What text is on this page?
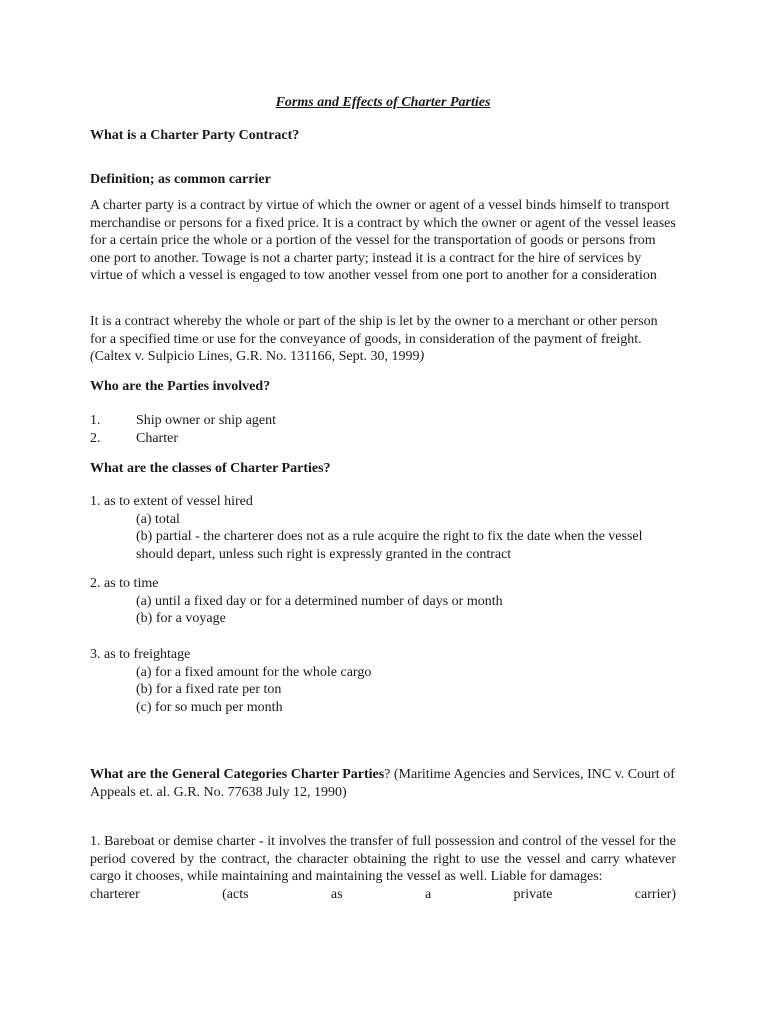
Forms and Effects of Charter Parties

What is a Charter Party Contract?

Definition; as common carrier

A charter party is a contract by virtue of which the owner or agent of a vessel binds himself to transport merchandise or persons for a fixed price. It is a contract by which the owner or agent of the vessel leases for a certain price the whole or a portion of the vessel for the transportation of goods or persons from one port to another. Towage is not a charter party; instead it is a contract for the hire of services by virtue of which a vessel is engaged to tow another vessel from one port to another for a consideration

It is a contract whereby the whole or part of the ship is let by the owner to a merchant or other person for a specified time or use for the conveyance of goods, in consideration of the payment of freight. (Caltex v. Sulpicio Lines, G.R. No. 131166, Sept. 30, 1999)

Who are the Parties involved?

1.	Ship owner or ship agent
2.	Charter

What are the classes of Charter Parties?

1. as to extent of vessel hired
(a) total
(b) partial - the charterer does not as a rule acquire the right to fix the date when the vessel should depart, unless such right is expressly granted in the contract
2. as to time
(a) until a fixed day or for a determined number of days or month
(b) for a voyage
3. as to freightage
(a) for a fixed amount for the whole cargo
(b) for a fixed rate per ton
(c) for so much per month

What are the General Categories Charter Parties? (Maritime Agencies and Services, INC v. Court of Appeals et. al. G.R. No. 77638 July 12, 1990)

1. Bareboat or demise charter - it involves the transfer of full possession and control of the vessel for the period covered by the contract, the character obtaining the right to use the vessel and carry whatever cargo it chooses, while maintaining and maintaining the vessel as well. Liable for damages:

charterer (acts as a private carrier)
